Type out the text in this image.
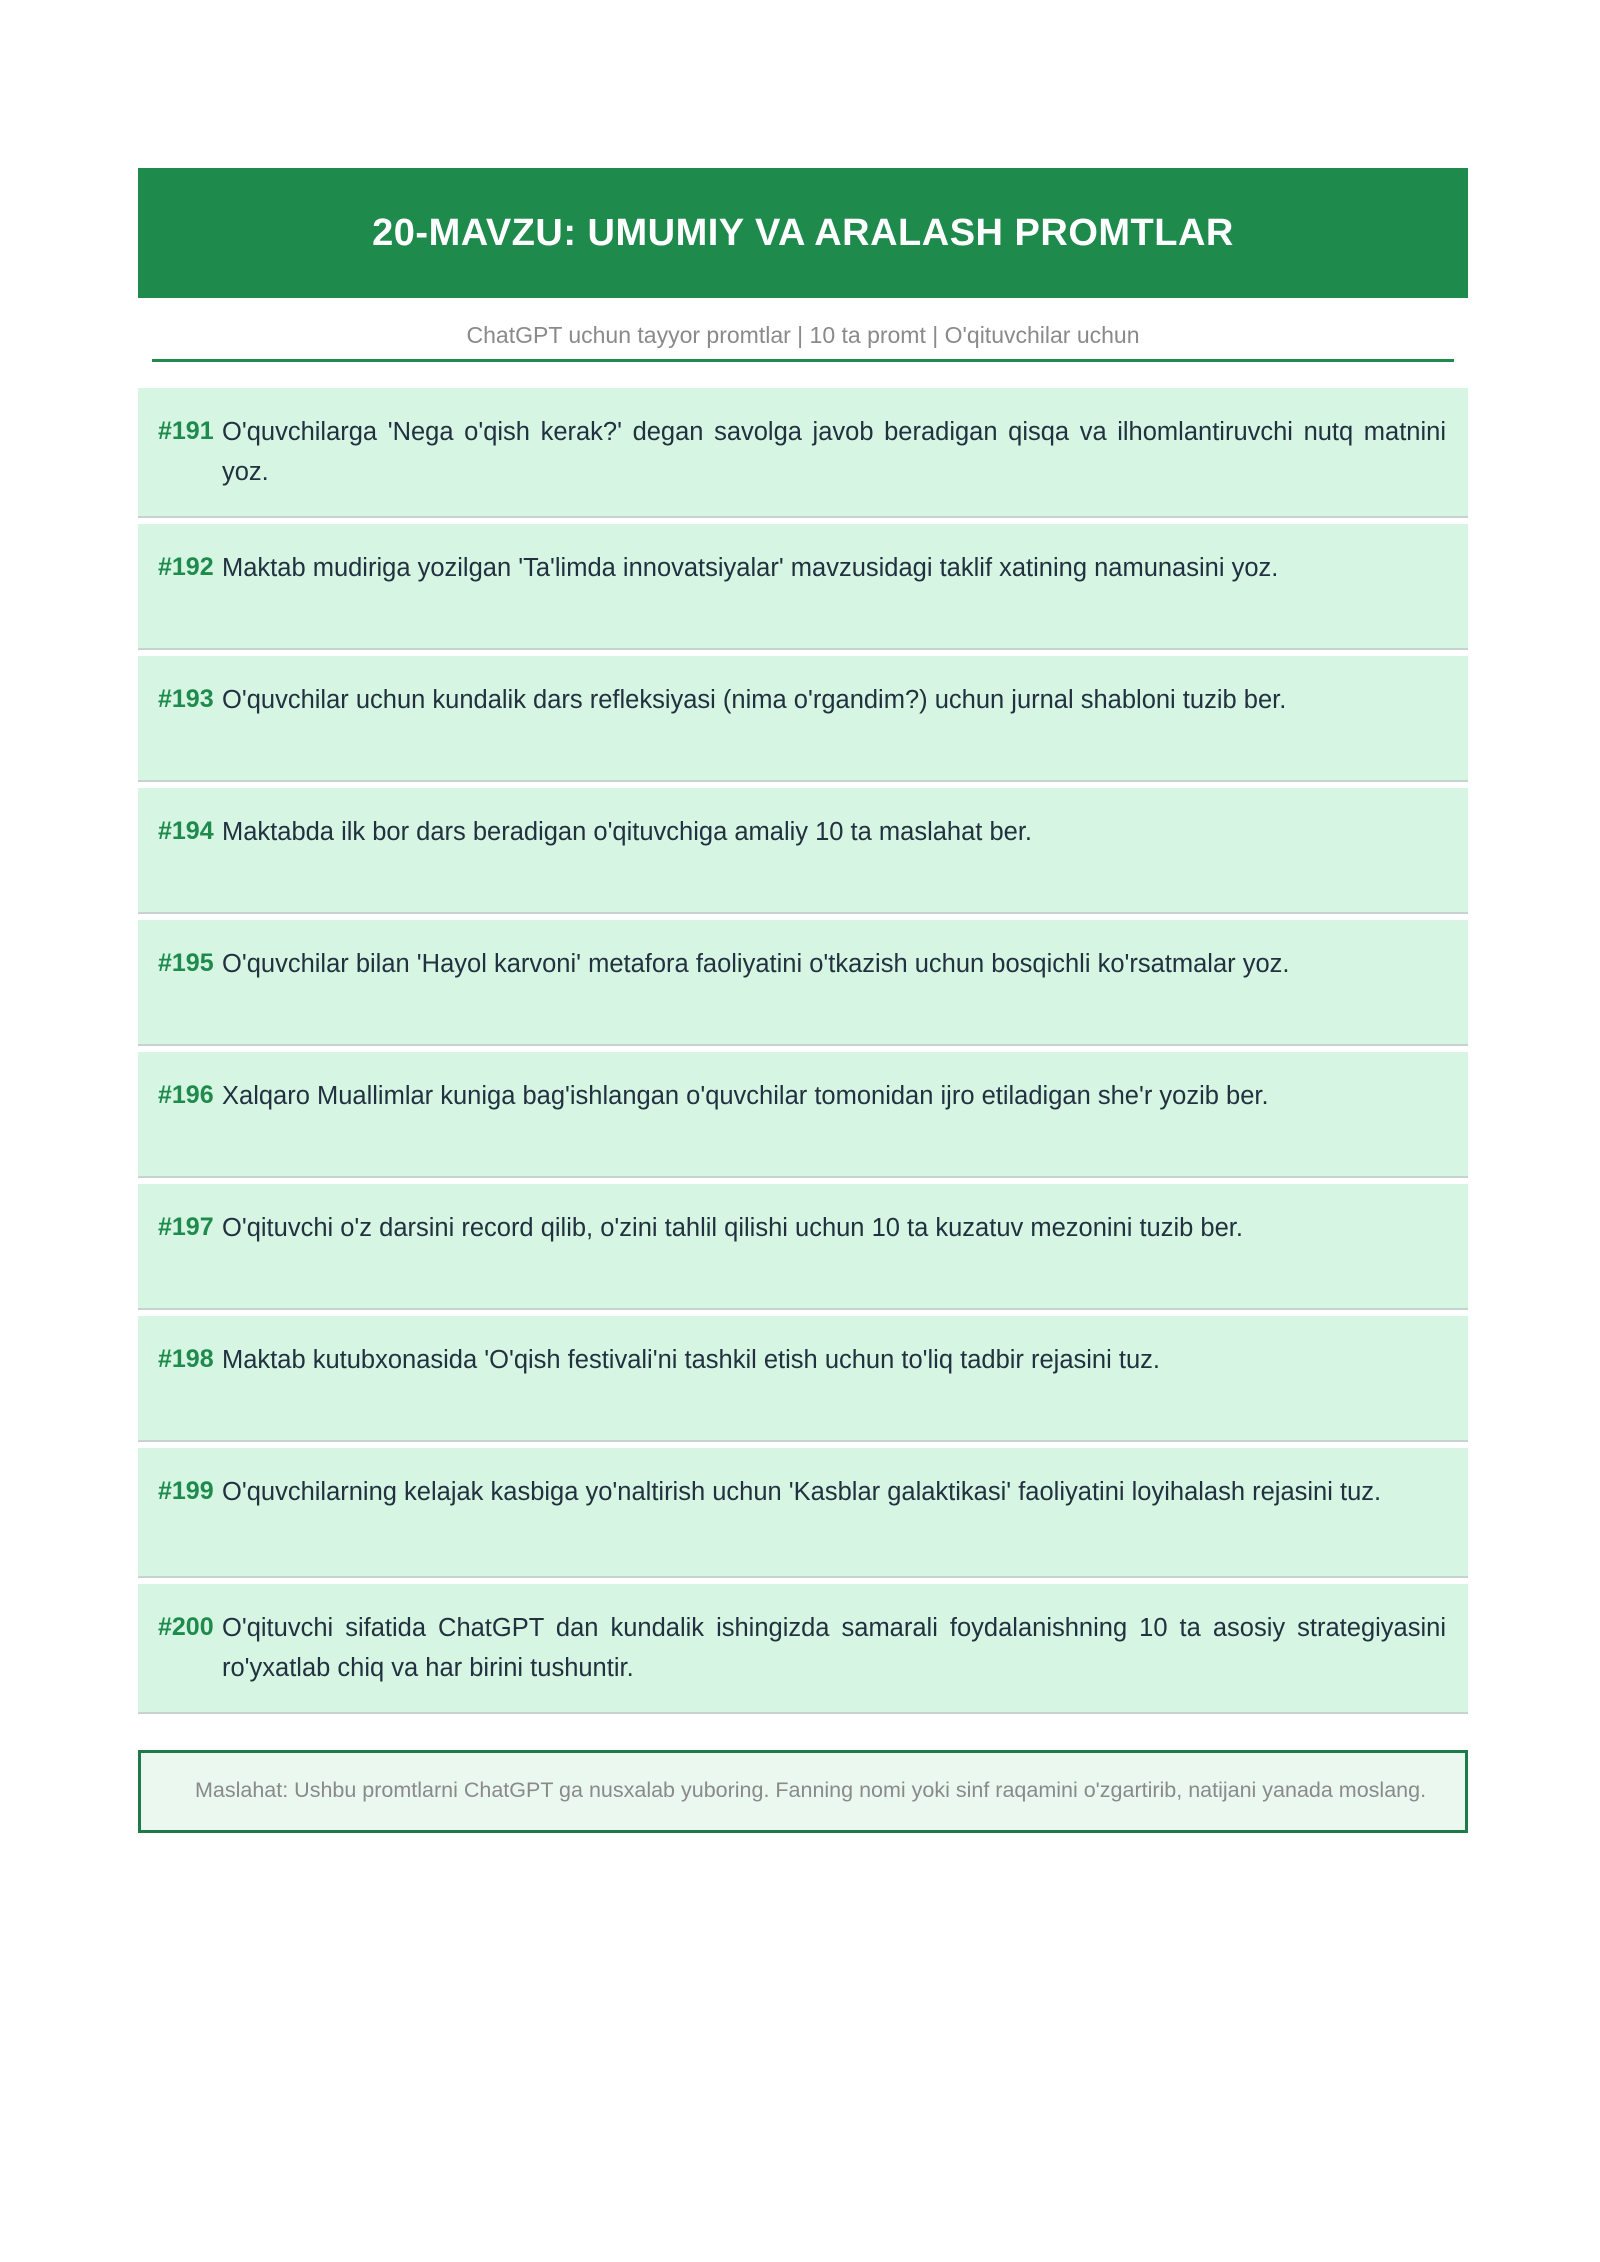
20-MAVZU: UMUMIY VA ARALASH PROMTLAR
ChatGPT uchun tayyor promtlar | 10 ta promt | O'qituvchilar uchun
#191 O'quvchilarga 'Nega o'qish kerak?' degan savolga javob beradigan qisqa va ilhomlantiruvchi nutq matnini yoz.
#192 Maktab mudiriga yozilgan 'Ta'limda innovatsiyalar' mavzusidagi taklif xatining namunasini yoz.
#193 O'quvchilar uchun kundalik dars refleksiyasi (nima o'rgandim?) uchun jurnal shabloni tuzib ber.
#194 Maktabda ilk bor dars beradigan o'qituvchiga amaliy 10 ta maslahat ber.
#195 O'quvchilar bilan 'Hayol karvoni' metafora faoliyatini o'tkazish uchun bosqichli ko'rsatmalar yoz.
#196 Xalqaro Muallimlar kuniga bag'ishlangan o'quvchilar tomonidan ijro etiladigan she'r yozib ber.
#197 O'qituvchi o'z darsini record qilib, o'zini tahlil qilishi uchun 10 ta kuzatuv mezonini tuzib ber.
#198 Maktab kutubxonasida 'O'qish festivali'ni tashkil etish uchun to'liq tadbir rejasini tuz.
#199 O'quvchilarning kelajak kasbiga yo'naltirish uchun 'Kasblar galaktikasi' faoliyatini loyihalash rejasini tuz.
#200 O'qituvchi sifatida ChatGPT dan kundalik ishingizda samarali foydalanishning 10 ta asosiy strategiyasini ro'yxatlab chiq va har birini tushuntir.
Maslahat: Ushbu promtlarni ChatGPT ga nusxalab yuboring. Fanning nomi yoki sinf raqamini o'zgartirib, natijani yanada moslang.
